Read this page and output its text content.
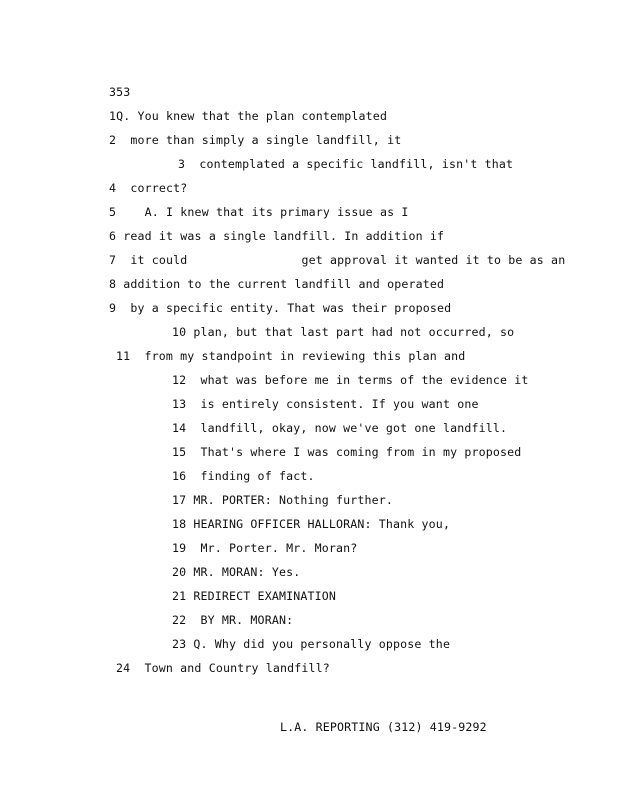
353
1Q. You knew that the plan contemplated
2  more than simply a single landfill, it
3  contemplated a specific landfill, isn't that
4  correct?
5    A. I knew that its primary issue as I
6 read it was a single landfill. In addition if
7  it could                get approval it wanted it to be as an
8 addition to the current landfill and operated
9  by a specific entity. That was their proposed
10 plan, but that last part had not occurred, so
11  from my standpoint in reviewing this plan and
12  what was before me in terms of the evidence it
13  is entirely consistent. If you want one
14  landfill, okay, now we've got one landfill.
15  That's where I was coming from in my proposed
16  finding of fact.
17 MR. PORTER: Nothing further.
18 HEARING OFFICER HALLORAN: Thank you,
19  Mr. Porter. Mr. Moran?
20 MR. MORAN: Yes.
21 REDIRECT EXAMINATION
22  BY MR. MORAN:
23 Q. Why did you personally oppose the
24  Town and Country landfill?
L.A. REPORTING (312) 419-9292
